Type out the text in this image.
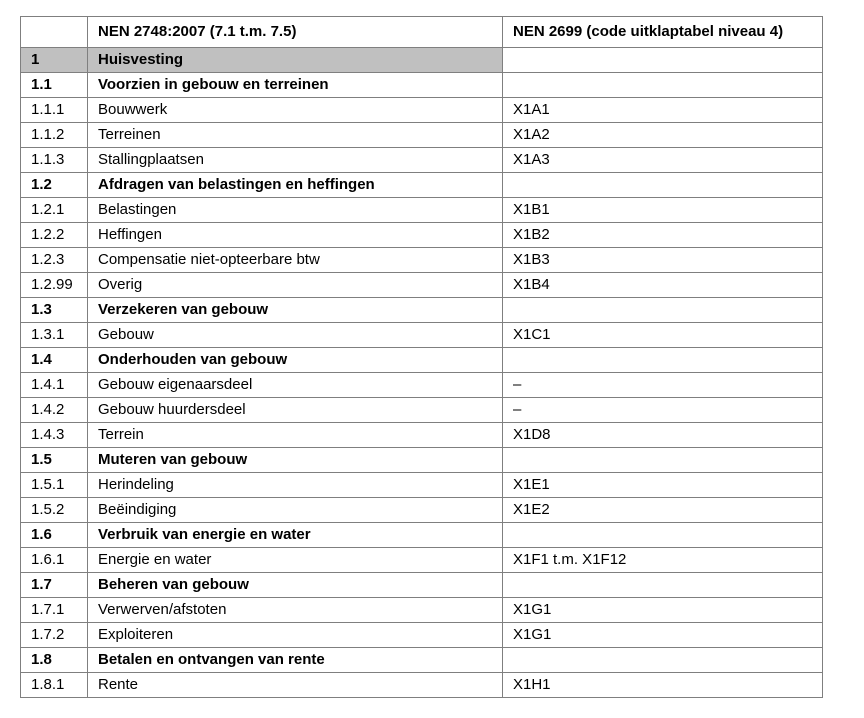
	NEN 2748:2007 (7.1 t.m. 7.5)	NEN 2699 (code uitklaptabel niveau 4)
1	Huisvesting	
1.1	Voorzien in gebouw en terreinen	
1.1.1	Bouwwerk	X1A1
1.1.2	Terreinen	X1A2
1.1.3	Stallingplaatsen	X1A3
1.2	Afdragen van belastingen en heffingen	
1.2.1	Belastingen	X1B1
1.2.2	Heffingen	X1B2
1.2.3	Compensatie niet-opteerbare btw	X1B3
1.2.99	Overig	X1B4
1.3	Verzekeren van gebouw	
1.3.1	Gebouw	X1C1
1.4	Onderhouden van gebouw	
1.4.1	Gebouw eigenaarsdeel	–
1.4.2	Gebouw huurdersdeel	–
1.4.3	Terrein	X1D8
1.5	Muteren van gebouw	
1.5.1	Herindeling	X1E1
1.5.2	Beëindiging	X1E2
1.6	Verbruik van energie en water	
1.6.1	Energie en water	X1F1 t.m. X1F12
1.7	Beheren van gebouw	
1.7.1	Verwerven/afstoten	X1G1
1.7.2	Exploiteren	X1G1
1.8	Betalen en ontvangen van rente	
1.8.1	Rente	X1H1
